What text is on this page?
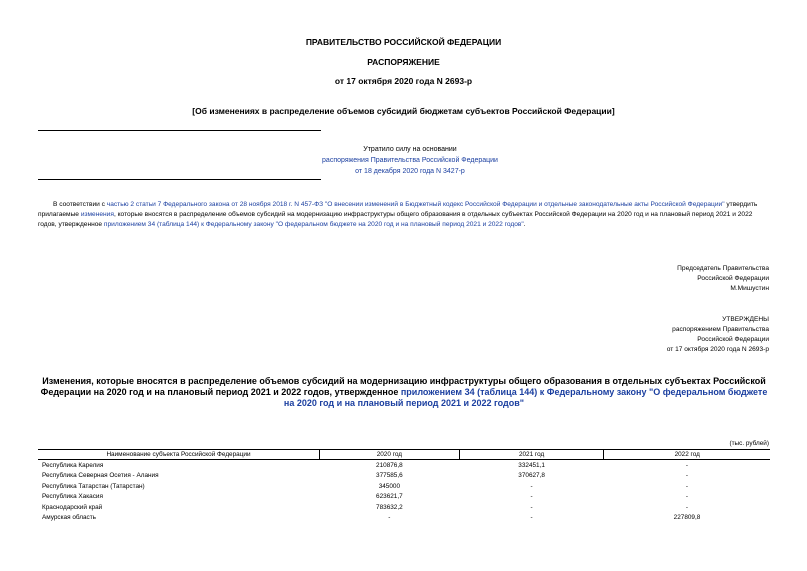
ПРАВИТЕЛЬСТВО РОССИЙСКОЙ ФЕДЕРАЦИИ
РАСПОРЯЖЕНИЕ
от 17 октября 2020 года N 2693-р
[Об изменениях в распределение объемов субсидий бюджетам субъектов Российской Федерации]
Утратило силу на основании
распоряжения Правительства Российской Федерации
от 18 декабря 2020 года N 3427-р
В соответствии с частью 2 статьи 7 Федерального закона от 28 ноября 2018 г. N 457-ФЗ "О внесении изменений в Бюджетный кодекс Российской Федерации и отдельные законодательные акты Российской Федерации" утвердить прилагаемые изменения, которые вносятся в распределение объемов субсидий на модернизацию инфраструктуры общего образования в отдельных субъектах Российской Федерации на 2020 год и на плановый период 2021 и 2022 годов, утвержденное приложением 34 (таблица 144) к Федеральному закону "О федеральном бюджете на 2020 год и на плановый период 2021 и 2022 годов".
Председатель Правительства
Российской Федерации
М.Мишустин
УТВЕРЖДЕНЫ
распоряжением Правительства
Российской Федерации
от 17 октября 2020 года N 2693-р
Изменения, которые вносятся в распределение объемов субсидий на модернизацию инфраструктуры общего образования в отдельных субъектах Российской Федерации на 2020 год и на плановый период 2021 и 2022 годов, утвержденное приложением 34 (таблица 144) к Федеральному закону "О федеральном бюджете на 2020 год и на плановый период 2021 и 2022 годов"
(тыс. рублей)
Наименование субъекта Российской Федерации	2020 год	2021 год	2022 год
Республика Карелия	210876,8	332451,1	-
Республика Северная Осетия - Алания	377585,6	370627,8	-
Республика Татарстан (Татарстан)	345000	-	-
Республика Хакасия	623621,7	-	-
Краснодарский край	783632,2	-	-
Амурская область	-	-	227809,8
